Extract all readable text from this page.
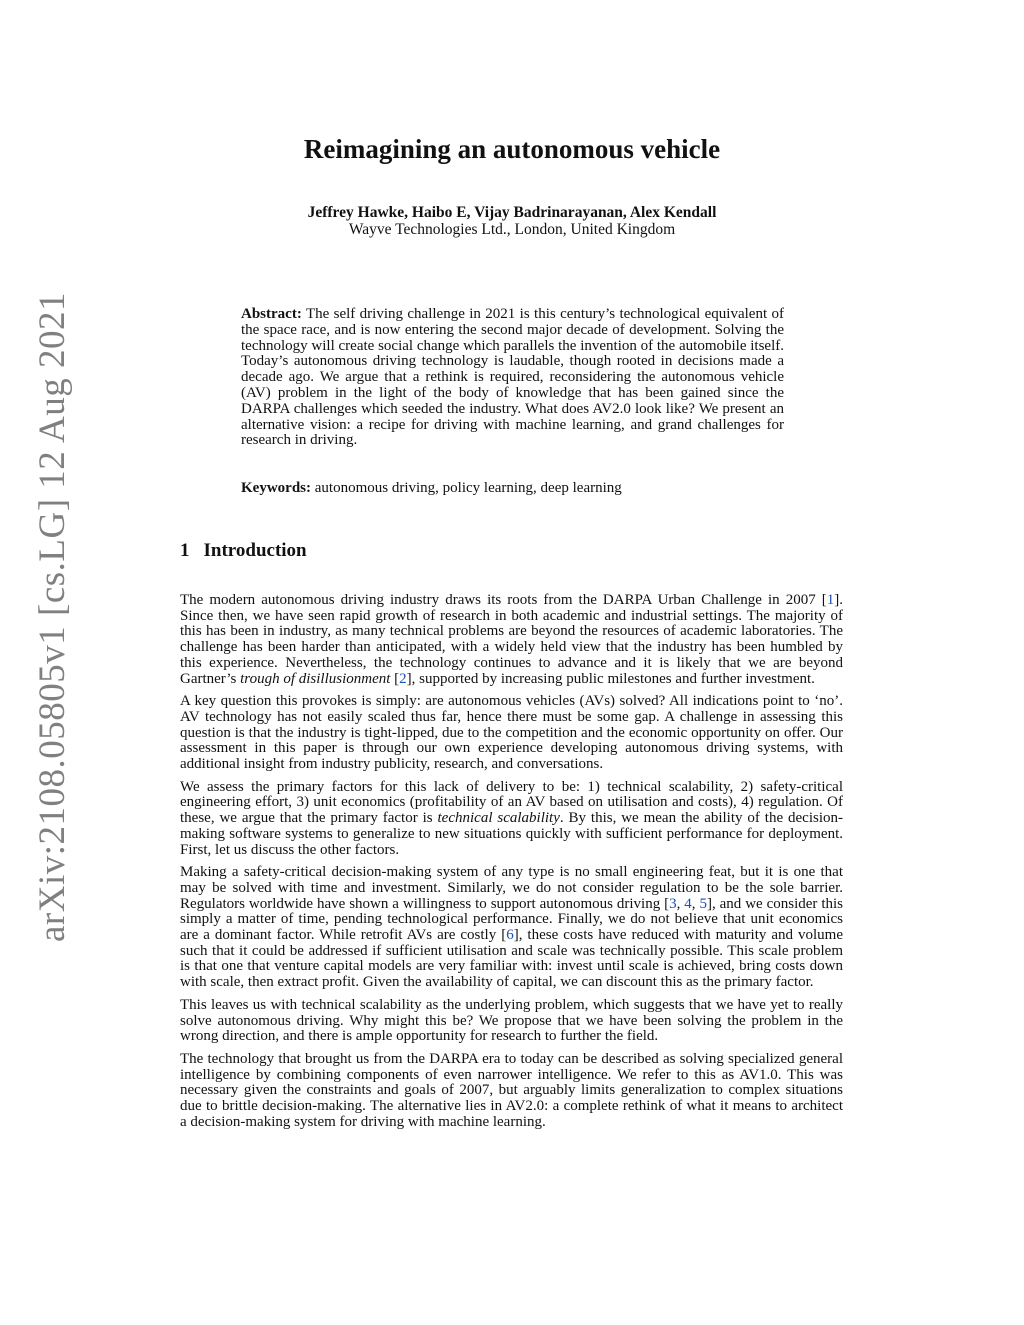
arXiv:2108.05805v1 [cs.LG] 12 Aug 2021
Reimagining an autonomous vehicle
Jeffrey Hawke, Haibo E, Vijay Badrinarayanan, Alex Kendall
Wayve Technologies Ltd., London, United Kingdom
Abstract: The self driving challenge in 2021 is this century’s technological equivalent of the space race, and is now entering the second major decade of development. Solving the technology will create social change which parallels the invention of the automobile itself. Today’s autonomous driving technology is laudable, though rooted in decisions made a decade ago. We argue that a rethink is required, reconsidering the autonomous vehicle (AV) problem in the light of the body of knowledge that has been gained since the DARPA challenges which seeded the industry. What does AV2.0 look like? We present an alternative vision: a recipe for driving with machine learning, and grand challenges for research in driving.
Keywords: autonomous driving, policy learning, deep learning
1 Introduction

The modern autonomous driving industry draws its roots from the DARPA Urban Challenge in 2007 [1]. Since then, we have seen rapid growth of research in both academic and industrial settings. The majority of this has been in industry, as many technical problems are beyond the resources of academic laboratories. The challenge has been harder than anticipated, with a widely held view that the industry has been humbled by this experience. Nevertheless, the technology continues to advance and it is likely that we are beyond Gartner’s trough of disillusionment [2], supported by increasing public milestones and further investment.

A key question this provokes is simply: are autonomous vehicles (AVs) solved? All indications point to ‘no’. AV technology has not easily scaled thus far, hence there must be some gap. A challenge in assessing this question is that the industry is tight-lipped, due to the competition and the economic opportunity on offer. Our assessment in this paper is through our own experience developing autonomous driving systems, with additional insight from industry publicity, research, and conversations.

We assess the primary factors for this lack of delivery to be: 1) technical scalability, 2) safety-critical engineering effort, 3) unit economics (profitability of an AV based on utilisation and costs), 4) regulation. Of these, we argue that the primary factor is technical scalability. By this, we mean the ability of the decision-making software systems to generalize to new situations quickly with sufficient performance for deployment. First, let us discuss the other factors.

Making a safety-critical decision-making system of any type is no small engineering feat, but it is one that may be solved with time and investment. Similarly, we do not consider regulation to be the sole barrier. Regulators worldwide have shown a willingness to support autonomous driving [3, 4, 5], and we consider this simply a matter of time, pending technological performance. Finally, we do not believe that unit economics are a dominant factor. While retrofit AVs are costly [6], these costs have reduced with maturity and volume such that it could be addressed if sufficient utilisation and scale was technically possible. This scale problem is that one that venture capital models are very familiar with: invest until scale is achieved, bring costs down with scale, then extract profit. Given the availability of capital, we can discount this as the primary factor.

This leaves us with technical scalability as the underlying problem, which suggests that we have yet to really solve autonomous driving. Why might this be? We propose that we have been solving the problem in the wrong direction, and there is ample opportunity for research to further the field.

The technology that brought us from the DARPA era to today can be described as solving specialized general intelligence by combining components of even narrower intelligence. We refer to this as AV1.0. This was necessary given the constraints and goals of 2007, but arguably limits generalization to complex situations due to brittle decision-making. The alternative lies in AV2.0: a complete rethink of what it means to architect a decision-making system for driving with machine learning.
